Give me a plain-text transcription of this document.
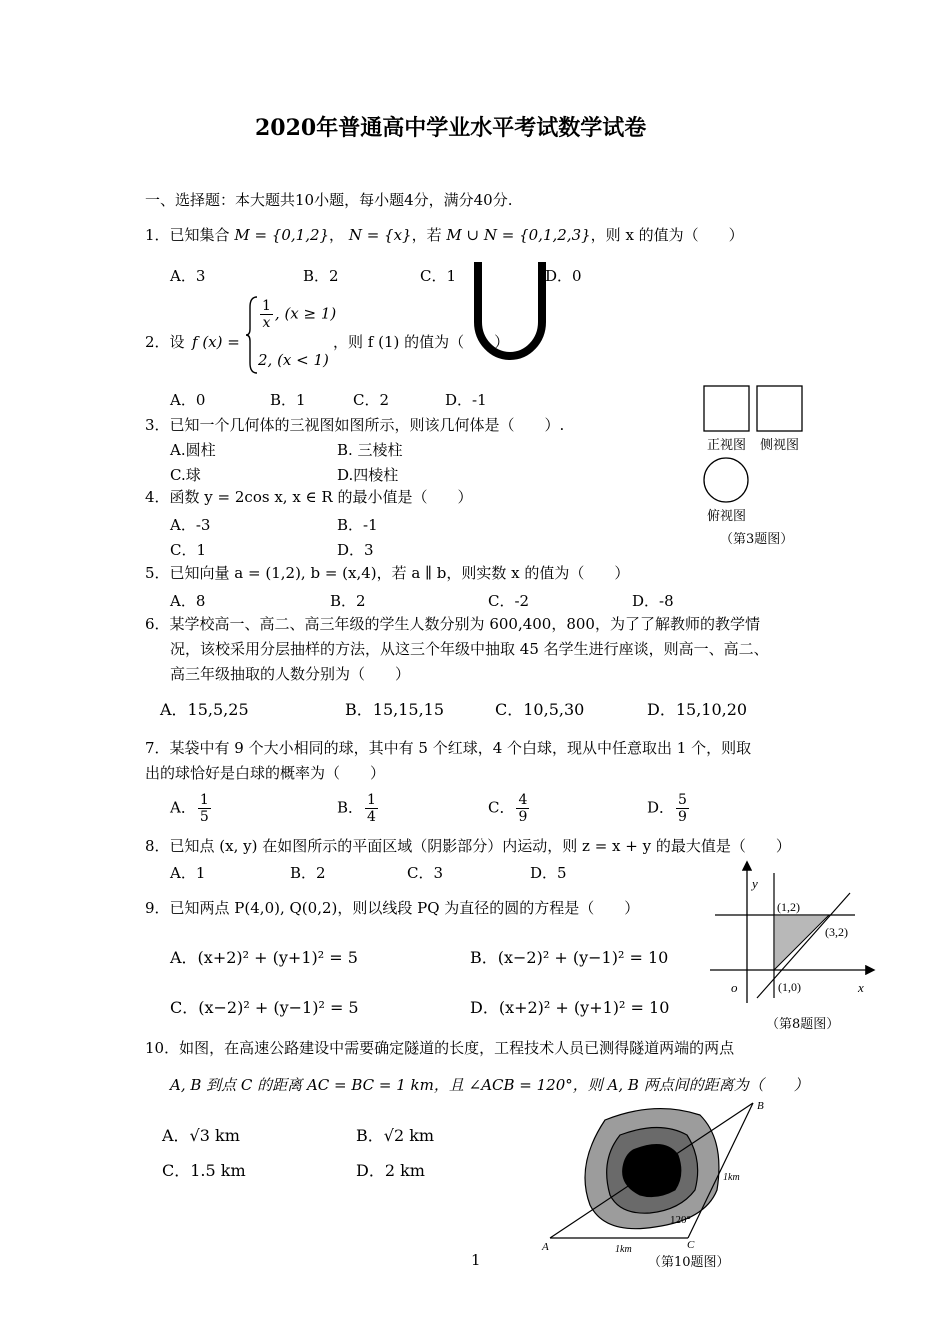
2020年普通高中学业水平考试数学试卷
一、选择题：本大题共10小题，每小题4分，满分40分.
1．已知集合 M = {0,1,2}， N = {x}，若 M ∪ N = {0,1,2,3}，则 x 的值为（　　）
A．3	B．2	C．1	D．0
2．设 f (x) =
$\frac{1}{x}$ , (x ≥ 1)
2, (x < 1)
，则 f (1) 的值为（　　）
A．0	B．1	C．2	D．-1
3．已知一个几何体的三视图如图所示，则该几何体是（　　）.
A.圆柱	B. 三棱柱
C.球	D.四棱柱
正视图 侧视图
俯视图
（第3题图）
4．函数 y = 2cos x, x ∈ R 的最小值是（　　）
A．-3	B．-1
C．1	D．3
5．已知向量 a = (1,2), b = (x,4)，若 a ∥ b，则实数 x 的值为（　　）
A．8	B．2	C．-2	D．-8
6．某学校高一、高二、高三年级的学生人数分别为 600,400，800，为了了解教师的教学情
况，该校采用分层抽样的方法，从这三个年级中抽取 45 名学生进行座谈，则高一、高二、
高三年级抽取的人数分别为（　　）
A．15,5,25	B．15,15,15	C．10,5,30	D．15,10,20
7．某袋中有 9 个大小相同的球，其中有 5 个红球，4 个白球，现从中任意取出 1 个，则取
出的球恰好是白球的概率为（　　）
A． $\frac{1}{5}$	B． $\frac{1}{4}$	C． $\frac{4}{9}$	D． $\frac{5}{9}$
8．已知点 (x, y) 在如图所示的平面区域（阴影部分）内运动，则 z = x + y 的最大值是（　　）
A．1	B．2	C．3	D．5
y
x
o
(1,2)
(3,2)
(1,0)
（第8题图）
9．已知两点 P(4,0), Q(0,2)，则以线段 PQ 为直径的圆的方程是（　　）
A．(x+2)² + (y+1)² = 5	B．(x−2)² + (y−1)² = 10
C．(x−2)² + (y−1)² = 5	D．(x+2)² + (y+1)² = 10
10．如图，在高速公路建设中需要确定隧道的长度，工程技术人员已测得隧道两端的两点
A, B 到点 C 的距离 AC = BC = 1 km，且 ∠ACB = 120°，则 A, B 两点间的距离为（　　）
A．√3 km	B．√2 km
C．1.5 km	D．2 km
A
B
C
120°
1km
1km
（第10题图）
1
